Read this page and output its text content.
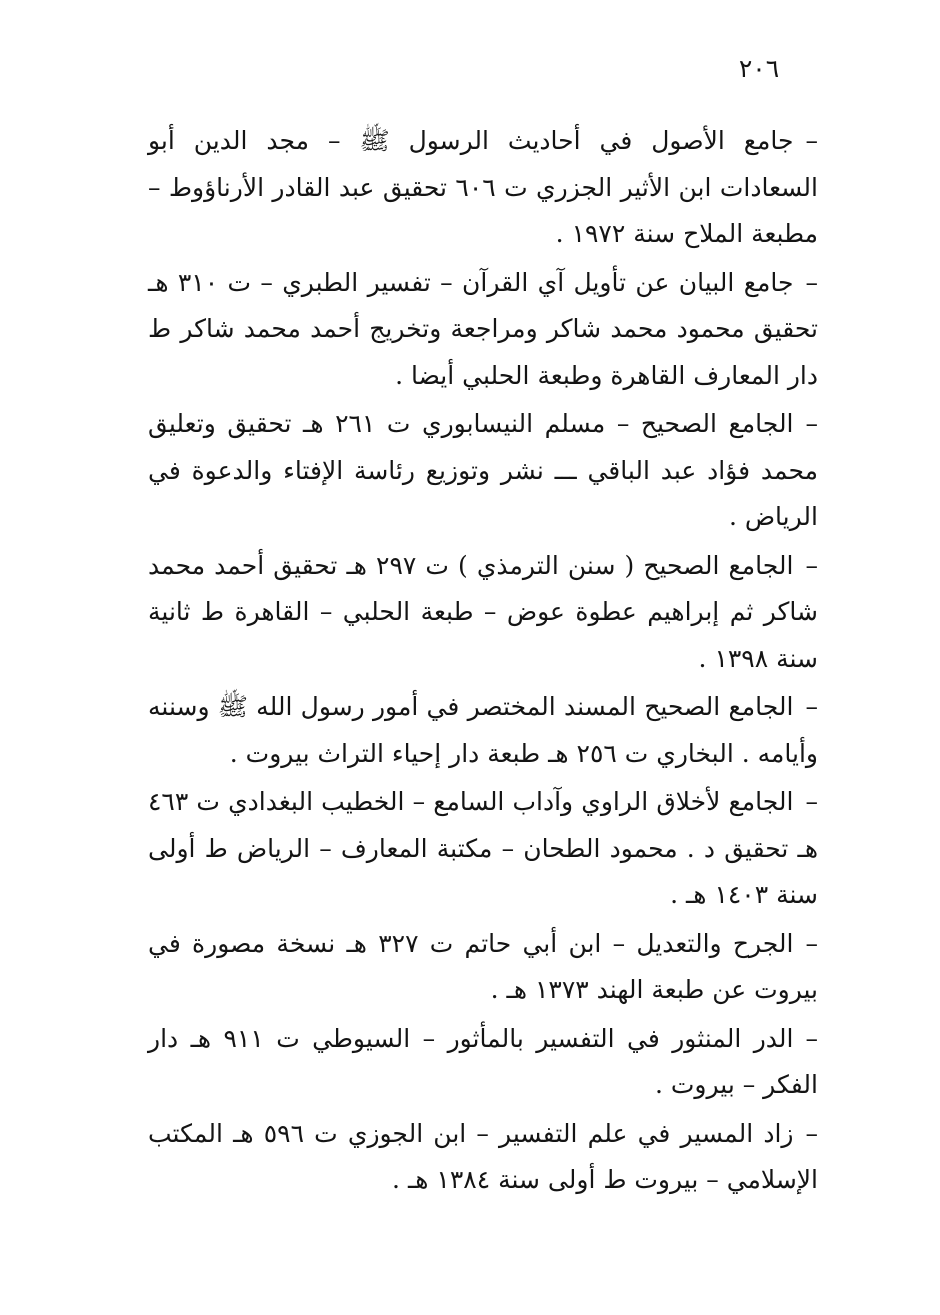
٢٠٦

–جامع الأصول في أحاديث الرسول ﷺ – مجد الدين أبو السعادات ابن الأثير الجزري ت ٦٠٦ تحقيق عبد القادر الأرناؤوط – مطبعة الملاح سنة ١٩٧٢ .

–جامع البيان عن تأويل آي القرآن – تفسير الطبري – ت ٣١٠ هـ تحقيق محمود محمد شاكر ومراجعة وتخريج أحمد محمد شاكر ط دار المعارف القاهرة وطبعة الحلبي أيضا .

–الجامع الصحيح – مسلم النيسابوري ت ٢٦١ هـ تحقيق وتعليق محمد فؤاد عبد الباقي ـــ نشر وتوزيع رئاسة الإفتاء والدعوة في الرياض .

–الجامع الصحيح ( سنن الترمذي ) ت ٢٩٧ هـ تحقيق أحمد محمد شاكر ثم إبراهيم عطوة عوض – طبعة الحلبي – القاهرة ط ثانية سنة ١٣٩٨ .

–الجامع الصحيح المسند المختصر في أمور رسول الله ﷺ وسننه وأيامه . البخاري ت ٢٥٦ هـ طبعة دار إحياء التراث بيروت .

–الجامع لأخلاق الراوي وآداب السامع – الخطيب البغدادي ت ٤٦٣ هـ تحقيق د . محمود الطحان – مكتبة المعارف – الرياض ط أولى سنة ١٤٠٣ هـ .

–الجرح والتعديل – ابن أبي حاتم ت ٣٢٧ هـ نسخة مصورة في بيروت عن طبعة الهند ١٣٧٣ هـ .

–الدر المنثور في التفسير بالمأثور – السيوطي ت ٩١١ هـ دار الفكر – بيروت .

–زاد المسير في علم التفسير – ابن الجوزي ت ٥٩٦ هـ المكتب الإسلامي – بيروت ط أولى سنة ١٣٨٤ هـ .
